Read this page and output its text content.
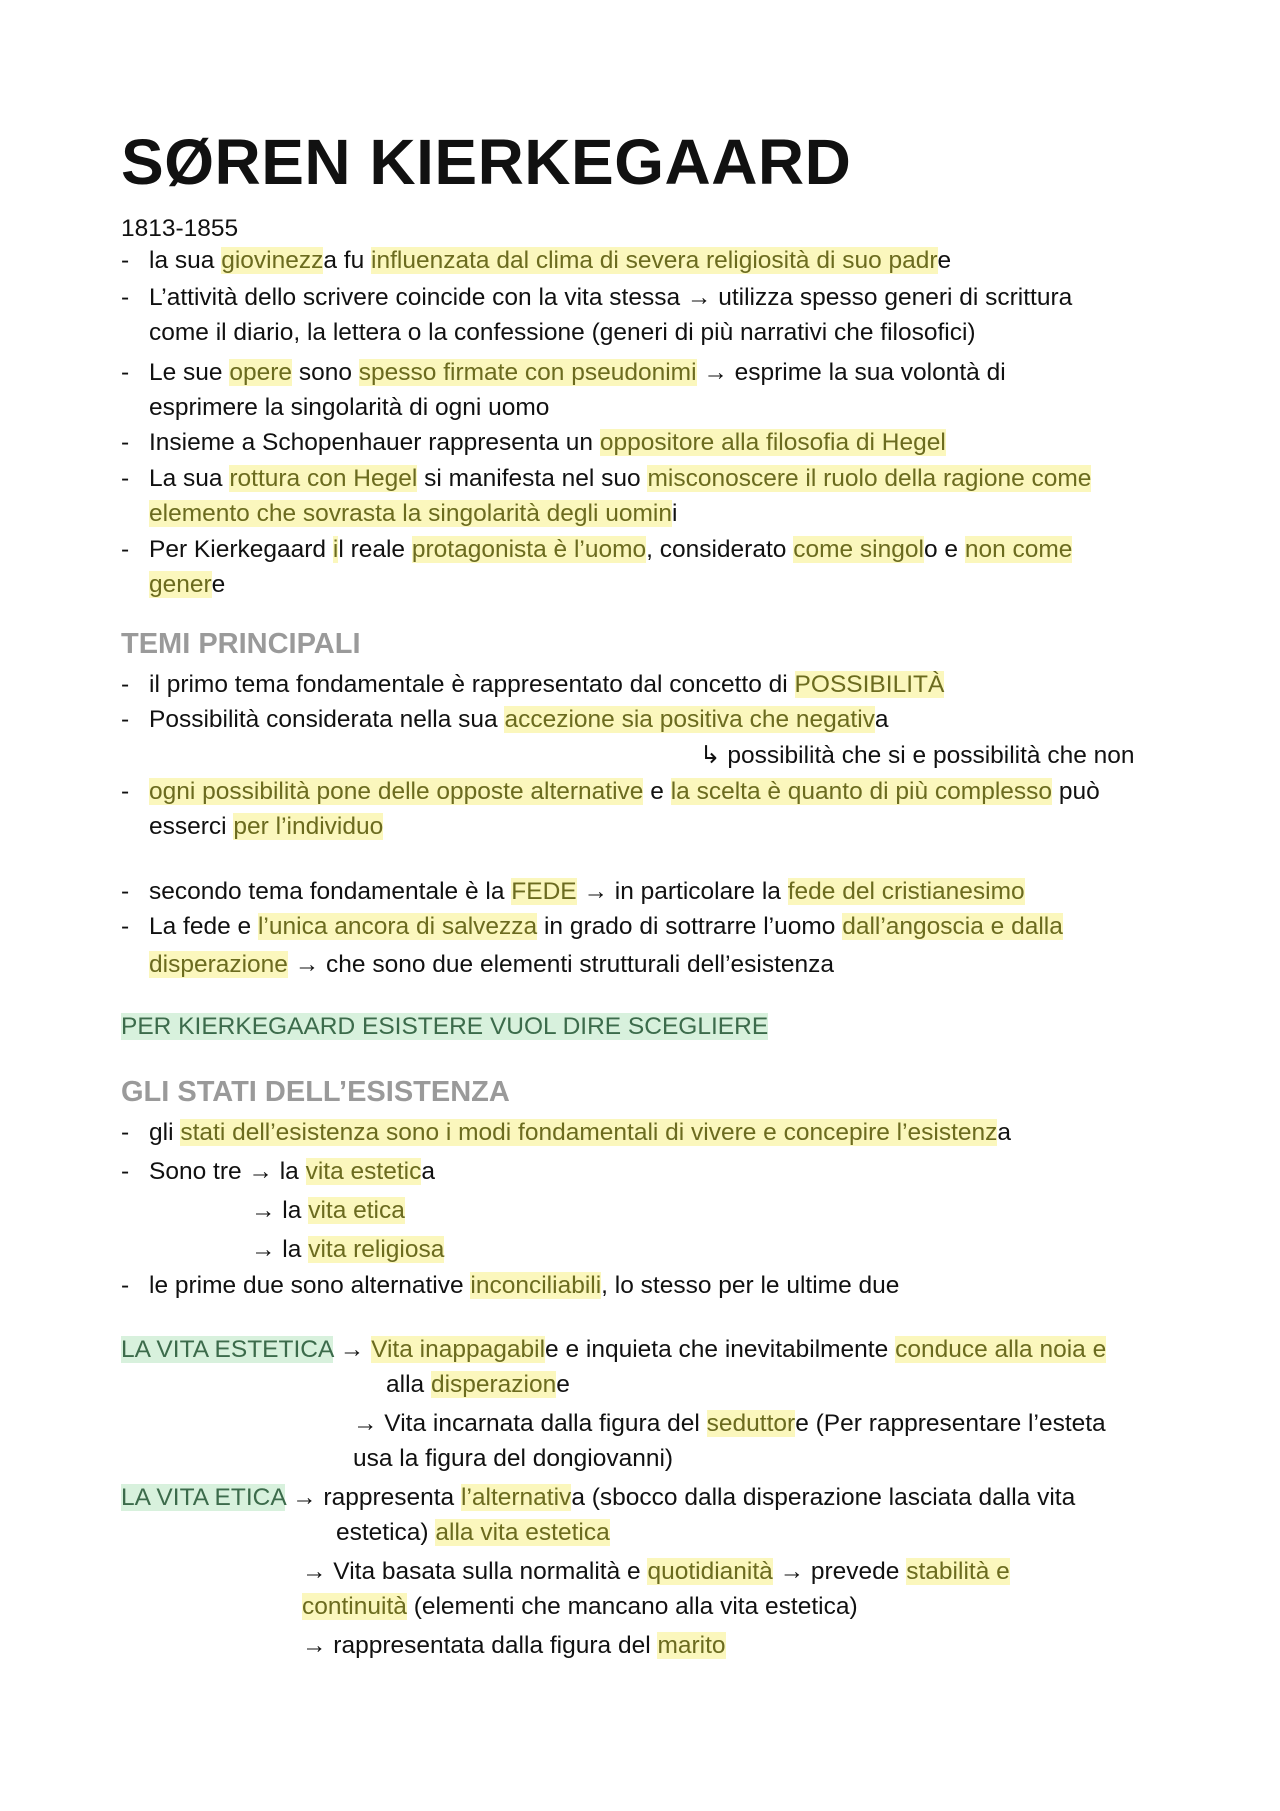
SØREN KIERKEGAARD

1813-1855

- la sua giovinezza fu influenzata dal clima di severa religiosità di suo padre

- L’attività dello scrivere coincide con la vita stessa → utilizza spesso generi di scrittura

come il diario, la lettera o la confessione (generi di più narrativi che filosofici)

- Le sue opere sono spesso firmate con pseudonimi → esprime la sua volontà di

esprimere la singolarità di ogni uomo

- Insieme a Schopenhauer rappresenta un oppositore alla filosofia di Hegel

- La sua rottura con Hegel si manifesta nel suo misconoscere il ruolo della ragione come

elemento che sovrasta la singolarità degli uomini

- Per Kierkegaard il reale protagonista è l’uomo, considerato come singolo e non come

genere

TEMI PRINCIPALI
- il primo tema fondamentale è rappresentato dal concetto di POSSIBILITÀ

- Possibilità considerata nella sua accezione sia positiva che negativa

↳ possibilità che si e possibilità che non

- ogni possibilità pone delle opposte alternative e la scelta è quanto di più complesso può

esserci per l’individuo

- secondo tema fondamentale è la FEDE → in particolare la fede del cristianesimo

- La fede e l’unica ancora di salvezza in grado di sottrarre l’uomo dall’angoscia e dalla

disperazione → che sono due elementi strutturali dell’esistenza

PER KIERKEGAARD ESISTERE VUOL DIRE SCEGLIERE

GLI STATI DELL’ESISTENZA
- gli stati dell’esistenza sono i modi fondamentali di vivere e concepire l’esistenza

- Sono tre → la vita estetica

→ la vita etica

→ la vita religiosa

- le prime due sono alternative inconciliabili, lo stesso per le ultime due

LA VITA ESTETICA → Vita inappagabile e inquieta che inevitabilmente conduce alla noia e

alla disperazione

→ Vita incarnata dalla figura del seduttore (Per rappresentare l’esteta

usa la figura del dongiovanni)

LA VITA ETICA → rappresenta l’alternativa (sbocco dalla disperazione lasciata dalla vita

estetica) alla vita estetica

→ Vita basata sulla normalità e quotidianità → prevede stabilità e

continuità (elementi che mancano alla vita estetica)

→ rappresentata dalla figura del marito
